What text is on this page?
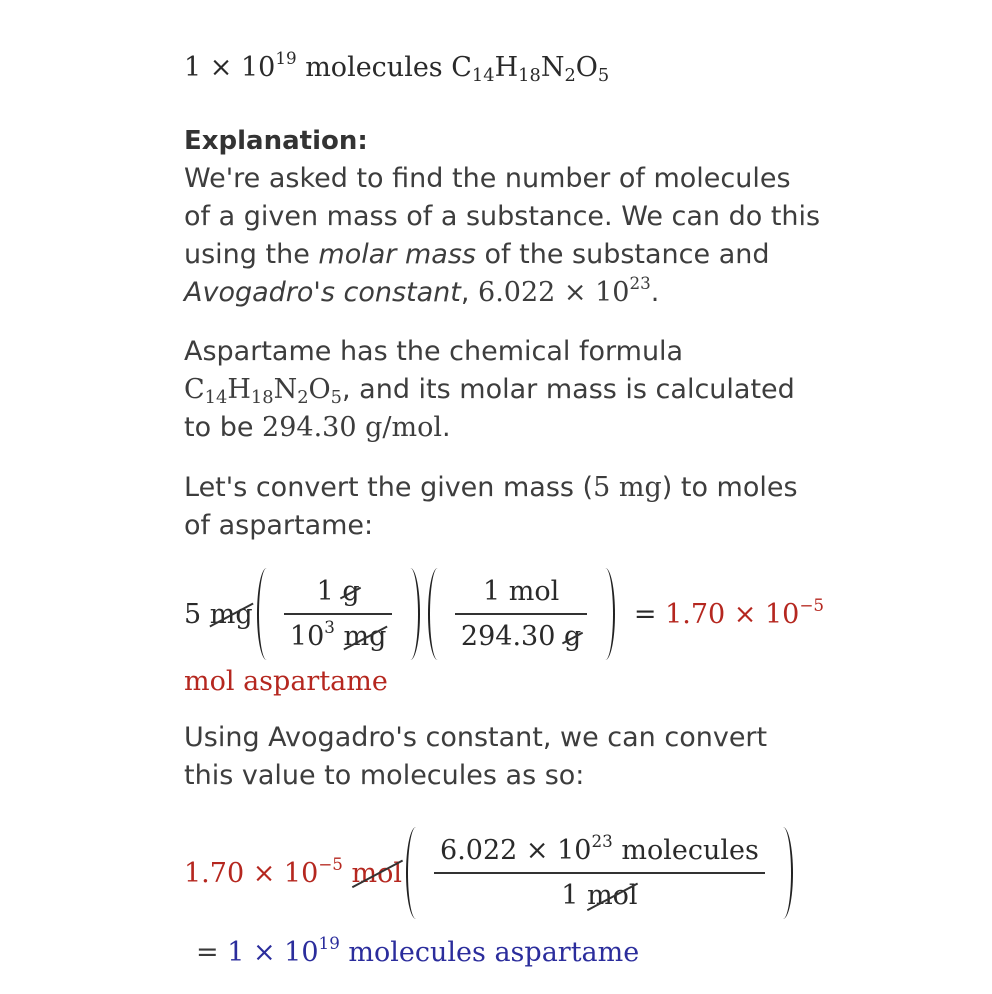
$1 \times 10^{19}$ molecules $C_{14}H_{18}N_2O_5$
Explanation:

We're asked to find the number of molecules of a given mass of a substance. We can do this using the molar mass of the substance and Avogadro's constant, $6.022 \times 10^{23}$.

Aspartame has the chemical formula $C_{14}H_{18}N_2O_5$, and its molar mass is calculated to be 294.30 g/mol.

Let's convert the given mass (5 mg) to moles of aspartame:

5
mg $\frac{1 g}{10^3 mg} \frac{\text{1 mol}}{294.30 g}$ =
$1.70 \times 10^{-5}$
mol aspartame

Using Avogadro's constant, we can convert this value to molecules as so:

$1.70 \times 10^{-5}$
mol $\frac{6.022 \times 10^{23} molecules}{\text{1 mol}}$
= $1 \times 10^{19}$ molecules aspartame
